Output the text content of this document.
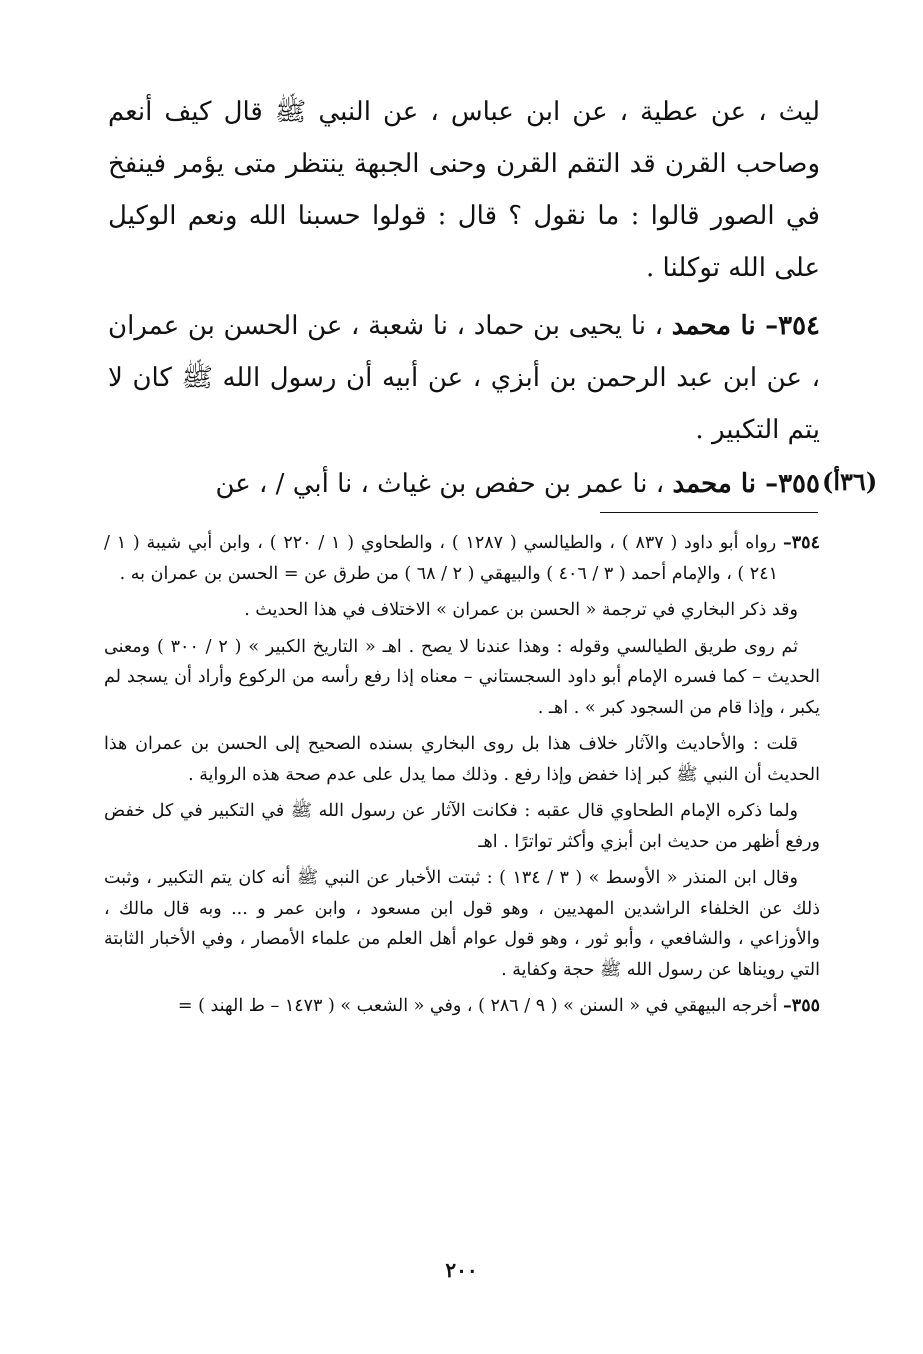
ليث ، عن عطية ، عن ابن عباس ، عن النبي ﷺ قال كيف أنعم وصاحب القرن قد التقم القرن وحنى الجبهة ينتظر متى يؤمر فينفخ في الصور قالوا : ما نقول ؟ قال : قولوا حسبنا الله ونعم الوكيل على الله توكلنا .
٣٥٤– نا محمد ، نا يحيى بن حماد ، نا شعبة ، عن الحسن بن عمران ، عن ابن عبد الرحمن بن أبزي ، عن أبيه أن رسول الله ﷺ كان لا يتم التكبير .
٣٥٥– نا محمد ، نا عمر بن حفص بن غياث ، نا أبي / ، عن	(٣٦أ)

٣٥٤– رواه أبو داود ( ٨٣٧ ) ، والطيالسي ( ١٢٨٧ ) ، والطحاوي ( ١ / ٢٢٠ ) ، وابن أبي شيبة ( ١ / ٢٤١ ) ، والإمام أحمد ( ٣ / ٤٠٦ ) والبيهقي ( ٢ / ٦٨ ) من طرق عن = الحسن بن عمران به .

وقد ذكر البخاري في ترجمة « الحسن بن عمران » الاختلاف في هذا الحديث .

ثم روى طريق الطيالسي وقوله : وهذا عندنا لا يصح . اهـ « التاريخ الكبير » ( ٢ / ٣٠٠ ) ومعنى الحديث – كما فسره الإمام أبو داود السجستاني – معناه إذا رفع رأسه من الركوع وأراد أن يسجد لم يكبر ، وإذا قام من السجود كبر » . اهـ .

قلت : والأحاديث والآثار خلاف هذا بل روى البخاري بسنده الصحيح إلى الحسن بن عمران هذا الحديث أن النبي ﷺ كبر إذا خفض وإذا رفع . وذلك مما يدل على عدم صحة هذه الرواية .

ولما ذكره الإمام الطحاوي قال عقبه : فكانت الآثار عن رسول الله ﷺ في التكبير في كل خفض ورفع أظهر من حديث ابن أبزي وأكثر تواترًا . اهـ

وقال ابن المنذر « الأوسط » ( ٣ / ١٣٤ ) : ثبتت الأخبار عن النبي ﷺ أنه كان يتم التكبير ، وثبت ذلك عن الخلفاء الراشدين المهديين ، وهو قول ابن مسعود ، وابن عمر و ... وبه قال مالك ، والأوزاعي ، والشافعي ، وأبو ثور ، وهو قول عوام أهل العلم من علماء الأمصار ، وفي الأخبار الثابتة التي رويناها عن رسول الله ﷺ حجة وكفاية .

٣٥٥– أخرجه البيهقي في « السنن » ( ٩ / ٢٨٦ ) ، وفي « الشعب » ( ١٤٧٣ – ط الهند ) =

٢٠٠
